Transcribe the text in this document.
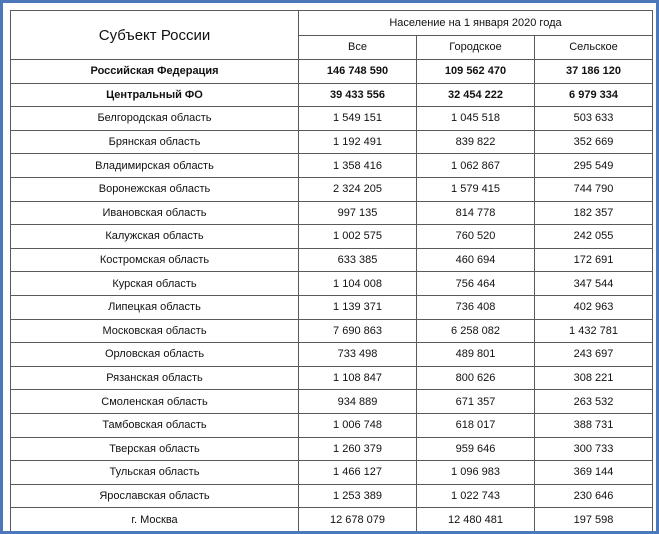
Субъект России	Население на 1 января 2020 года		
	Все	Городское	Сельское
Российская Федерация	146 748 590	109 562 470	37 186 120
Центральный ФО	39 433 556	32 454 222	6 979 334
Белгородская область	1 549 151	1 045 518	503 633
Брянская область	1 192 491	839 822	352 669
Владимирская область	1 358 416	1 062 867	295 549
Воронежская область	2 324 205	1 579 415	744 790
Ивановская область	997 135	814 778	182 357
Калужская область	1 002 575	760 520	242 055
Костромская область	633 385	460 694	172 691
Курская область	1 104 008	756 464	347 544
Липецкая область	1 139 371	736 408	402 963
Московская область	7 690 863	6 258 082	1 432 781
Орловская область	733 498	489 801	243 697
Рязанская область	1 108 847	800 626	308 221
Смоленская область	934 889	671 357	263 532
Тамбовская область	1 006 748	618 017	388 731
Тверская область	1 260 379	959 646	300 733
Тульская область	1 466 127	1 096 983	369 144
Ярославская область	1 253 389	1 022 743	230 646
г. Москва	12 678 079	12 480 481	197 598
